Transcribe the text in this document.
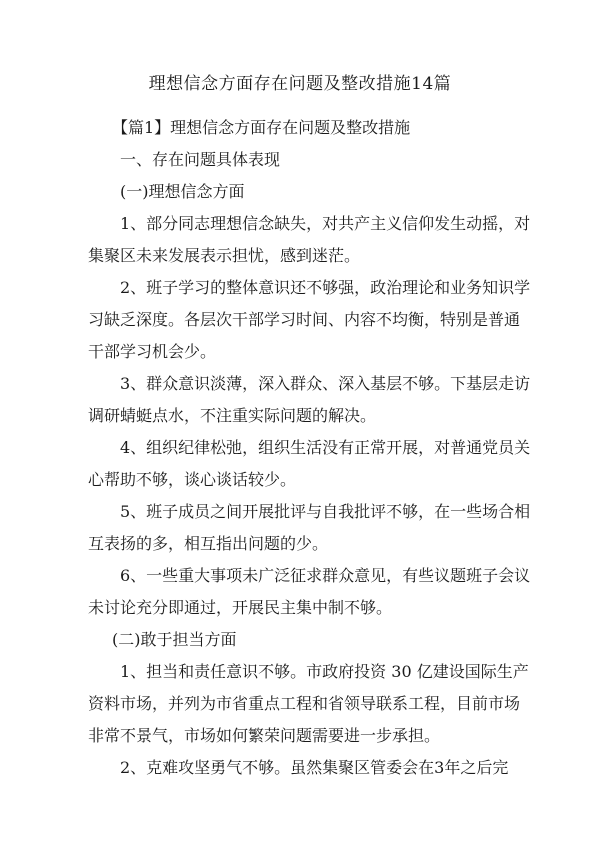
理想信念方面存在问题及整改措施14篇
【篇1】理想信念方面存在问题及整改措施
一、存在问题具体表现
(一)理想信念方面
1、部分同志理想信念缺失，对共产主义信仰发生动摇，对
集聚区未来发展表示担忧，感到迷茫。
2、班子学习的整体意识还不够强，政治理论和业务知识学
习缺乏深度。各层次干部学习时间、内容不均衡，特别是普通
干部学习机会少。
3、群众意识淡薄，深入群众、深入基层不够。下基层走访
调研蜻蜓点水，不注重实际问题的解决。
4、组织纪律松弛，组织生活没有正常开展，对普通党员关
心帮助不够，谈心谈话较少。
5、班子成员之间开展批评与自我批评不够，在一些场合相
互表扬的多，相互指出问题的少。
6、一些重大事项未广泛征求群众意见，有些议题班子会议
未讨论充分即通过，开展民主集中制不够。
(二)敢于担当方面
1、担当和责任意识不够。市政府投资 30 亿建设国际生产
资料市场，并列为市省重点工程和省领导联系工程，目前市场
非常不景气，市场如何繁荣问题需要进一步承担。
2、克难攻坚勇气不够。虽然集聚区管委会在3年之后完
